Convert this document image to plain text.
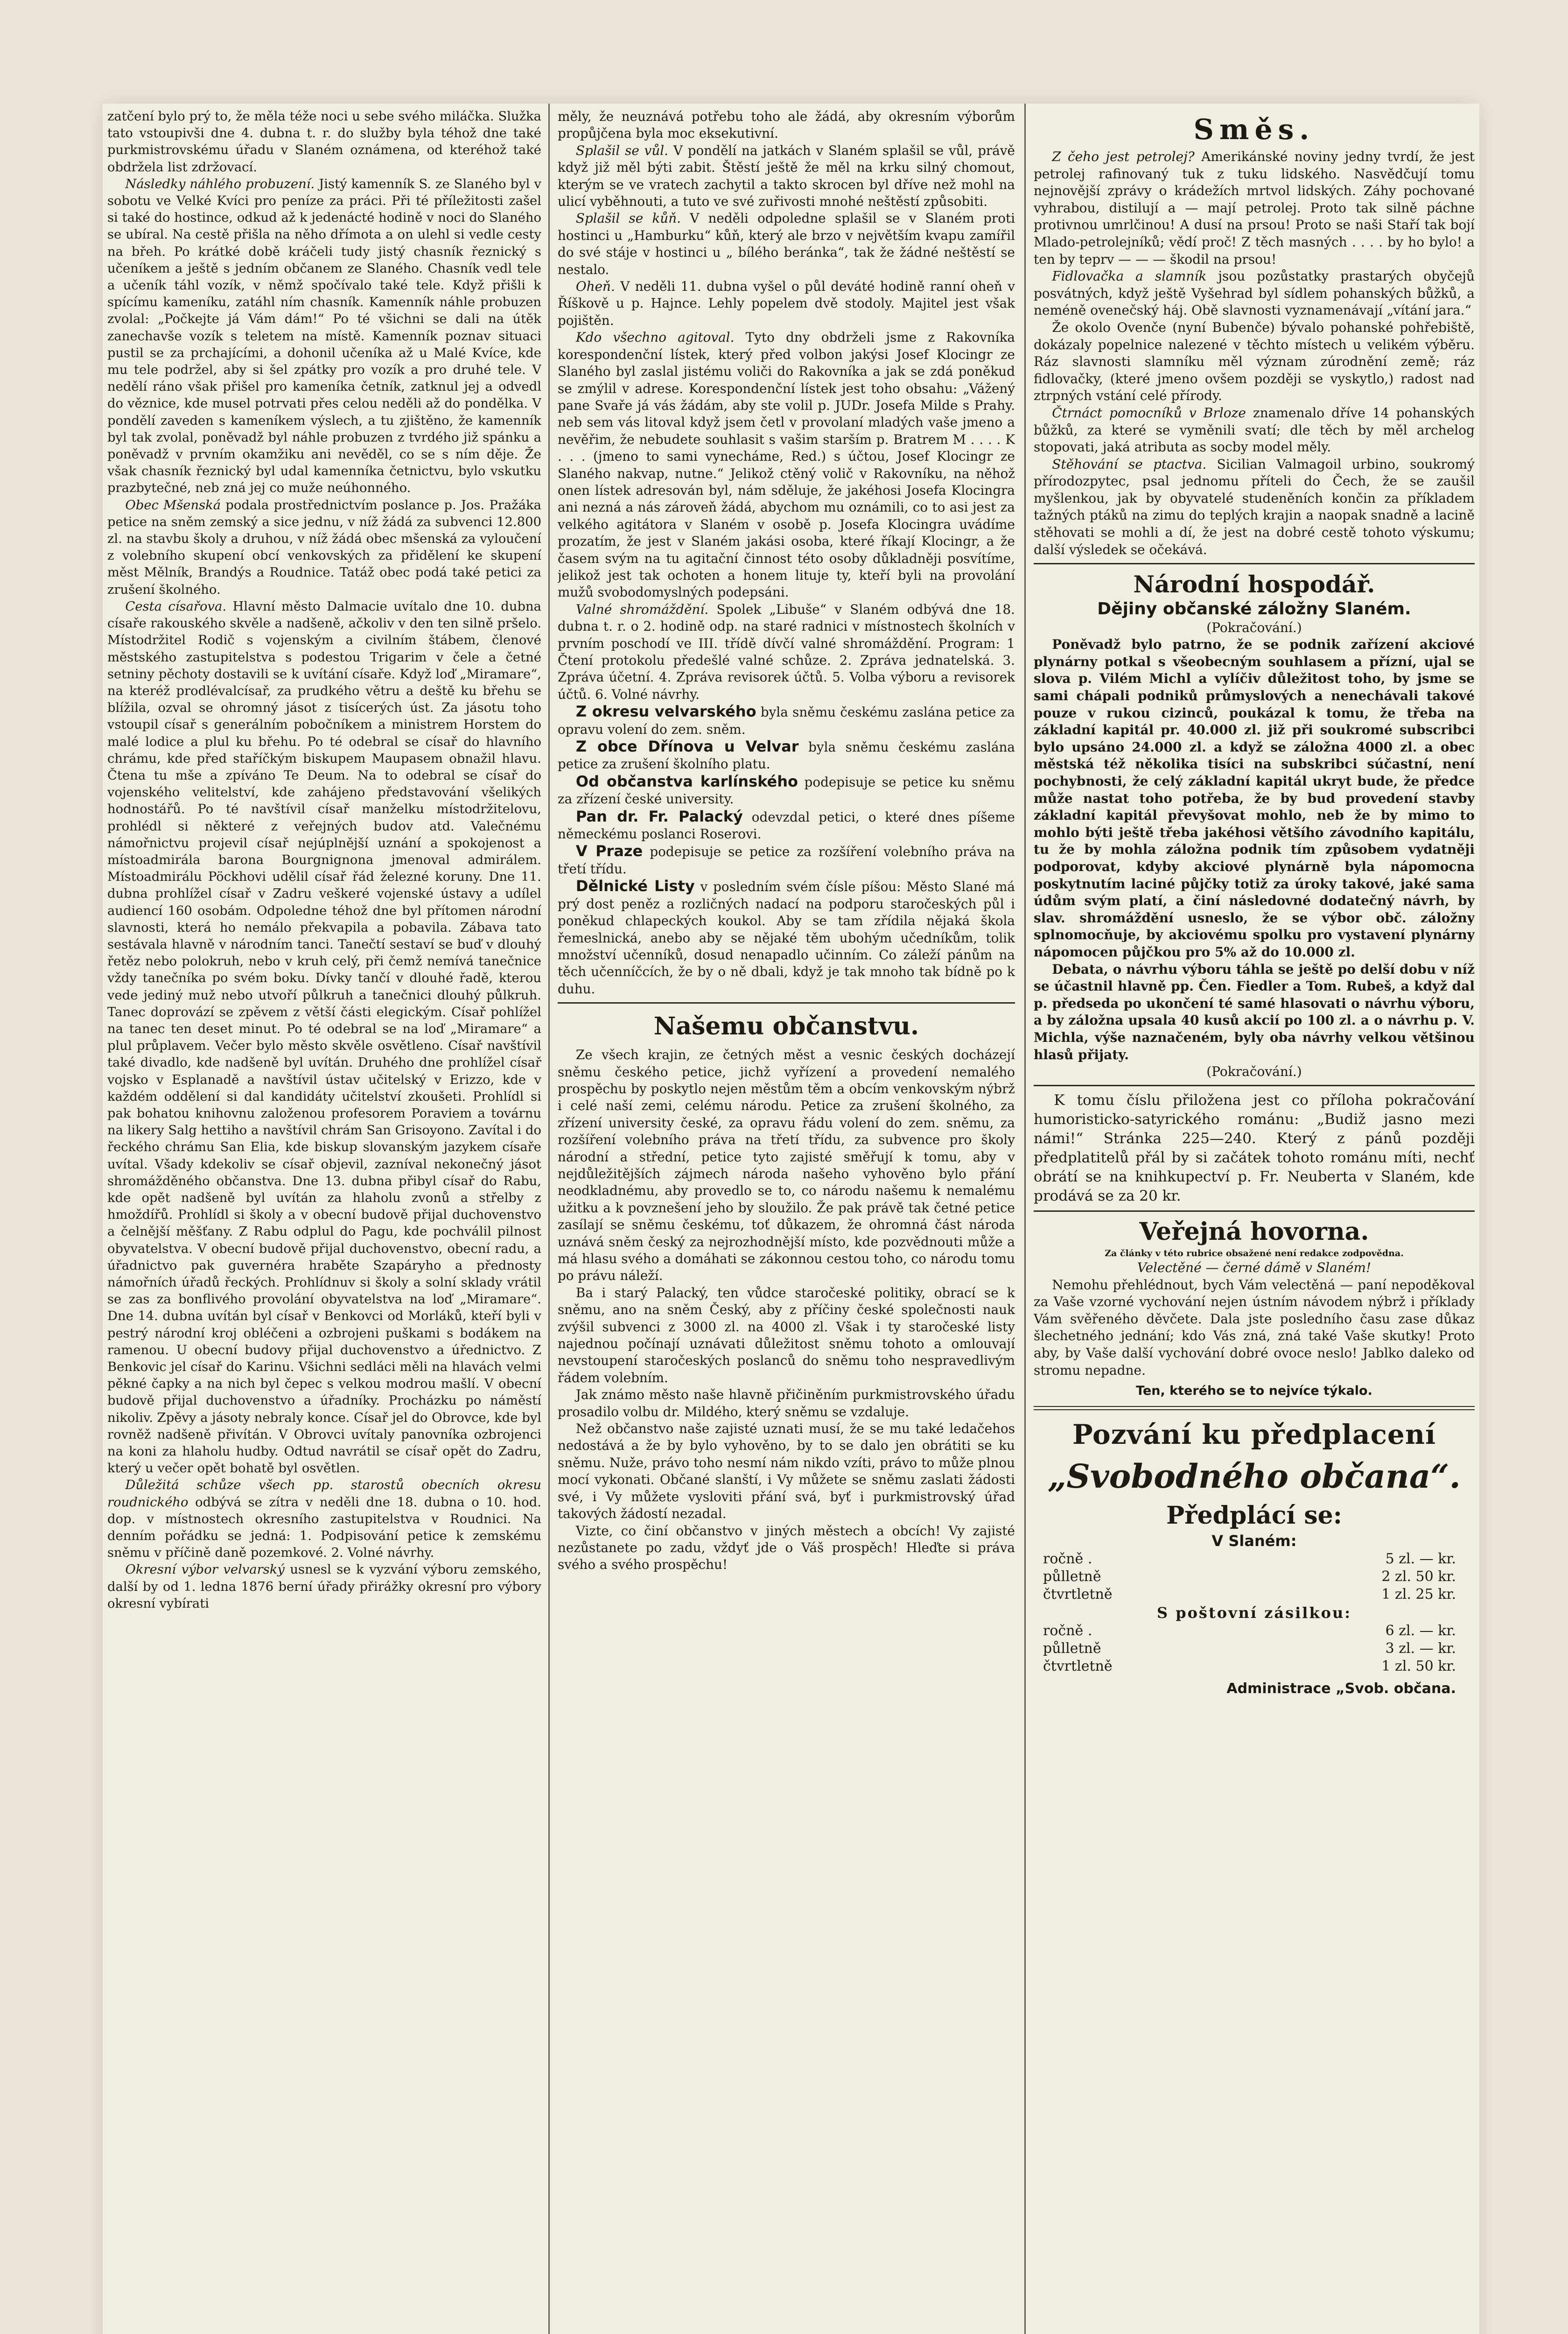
zatčení bylo prý to, že měla téže noci u sebe svého miláčka. Služka tato vstoupivši dne 4. dubna t. r. do služby byla téhož dne také purkmistrovskému úřadu v Slaném oznámena, od kteréhož také obdržela list zdržovací.

Následky náhlého probuzení. Jistý kamenník S. ze Slaného byl v sobotu ve Velké Kvíci pro peníze za práci. Při té příležitosti zašel si také do hostince, odkud až k jedenácté hodině v noci do Slaného se ubíral. Na cestě přišla na něho dřímota a on ulehl si vedle cesty na břeh. Po krátké době kráčeli tudy jistý chasník řeznický s učeníkem a ještě s jedním občanem ze Slaného. Chasník vedl tele a učeník táhl vozík, v němž spočívalo také tele. Když přišli k spícímu kameníku, zatáhl ním chasník. Kamenník náhle probuzen zvolal: „Počkejte já Vám dám!“ Po té všichni se dali na útěk zanechavše vozík s teletem na místě. Kamenník poznav situaci pustil se za prchajícími, a dohonil učeníka až u Malé Kvíce, kde mu tele podržel, aby si šel zpátky pro vozík a pro druhé tele. V nedělí ráno však přišel pro kameníka četník, zatknul jej a odvedl do věznice, kde musel potrvati přes celou neděli až do pondělka. V pondělí zaveden s kameníkem výslech, a tu zjištěno, že kamenník byl tak zvolal, poněvadž byl náhle probuzen z tvrdého již spánku a poněvadž v prvním okamžiku ani nevěděl, co se s ním děje. Že však chasník řeznický byl udal kamenníka četnictvu, bylo vskutku prazbytečné, neb zná jej co muže neúhonného.

Obec Mšenská podala prostřednictvím poslance p. Jos. Pražáka petice na sněm zemský a sice jednu, v níž žádá za subvenci 12.800 zl. na stavbu školy a druhou, v níž žádá obec mšenská za vyloučení z volebního skupení obcí venkovských za přidělení ke skupení měst Mělník, Brandýs a Roudnice. Tatáž obec podá také petici za zrušení školného.

Cesta císařova. Hlavní město Dalmacie uvítalo dne 10. dubna císaře rakouského skvěle a nadšeně, ačkoliv v den ten silně pršelo. Místodržitel Rodič s vojenským a civilním štábem, členové městského zastupitelstva s podestou Trigarim v čele a četné setniny pěchoty dostavili se k uvítání císaře. Když loď „Miramare“, na kteréž prodlévalcísař, za prudkého větru a deště ku břehu se blížila, ozval se ohromný jásot z tisícerých úst. Za jásotu toho vstoupil císař s generálním pobočníkem a ministrem Horstem do malé lodice a plul ku břehu. Po té odebral se císař do hlavního chrámu, kde před staříčkým biskupem Maupasem obnažil hlavu. Čtena tu mše a zpíváno Te Deum. Na to odebral se císař do vojenského velitelství, kde zahájeno představování všelikých hodnostářů. Po té navštívil císař manželku místodržitelovu, prohlédl si některé z veřejných budov atd. Valečnému námořnictvu projevil císař nejúplnější uznání a spokojenost a místoadmirála barona Bourgnignona jmenoval admirálem. Místoadmirálu Pöckhovi udělil císař řád železné koruny. Dne 11. dubna prohlížel císař v Zadru veškeré vojenské ústavy a udílel audiencí 160 osobám. Odpoledne téhož dne byl přítomen národní slavnosti, která ho nemálo překvapila a pobavila. Zábava tato sestávala hlavně v národním tanci. Tanečtí sestaví se buď v dlouhý řetěz nebo polokruh, nebo v kruh celý, při čemž nemívá tanečnice vždy tanečníka po svém boku. Dívky tančí v dlouhé řadě, kterou vede jediný muž nebo utvoří půlkruh a tanečnici dlouhý půlkruh. Tanec doprovází se zpěvem z větší části elegickým. Císař pohlížel na tanec ten deset minut. Po té odebral se na loď „Miramare“ a plul průplavem. Večer bylo město skvěle osvětleno. Císař navštívil také divadlo, kde nadšeně byl uvítán. Druhého dne prohlížel císař vojsko v Esplanadě a navštívil ústav učitelský v Erizzo, kde v každém oddělení si dal kandidáty učitelství zkoušeti. Prohlídl si pak bohatou knihovnu založenou profesorem Poraviem a továrnu na likery Salg hettiho a navštívil chrám San Grisoyono. Zavítal i do řeckého chrámu San Elia, kde biskup slovanským jazykem císaře uvítal. Všady kdekoliv se císař objevil, zazníval nekonečný jásot shromážděného občanstva. Dne 13. dubna přibyl císař do Rabu, kde opět nadšeně byl uvítán za hlaholu zvonů a střelby z hmoždířů. Prohlídl si školy a v obecní budově přijal duchovenstvo a čelnější měšťany. Z Rabu odplul do Pagu, kde pochválil pilnost obyvatelstva. V obecní budově přijal duchovenstvo, obecní radu, a úřadnictvo pak guvernéra hraběte Szapáryho a přednosty námořních úřadů řeckých. Prohlídnuv si školy a solní sklady vrátil se zas za bonflivého provolání obyvatelstva na loď „Miramare“. Dne 14. dubna uvítán byl císař v Benkovci od Morláků, kteří byli v pestrý národní kroj obléčeni a ozbrojeni puškami s bodákem na ramenou. U obecní budovy přijal duchovenstvo a úřednictvo. Z Benkovic jel císař do Karinu. Všichni sedláci měli na hlavách velmi pěkné čapky a na nich byl čepec s velkou modrou mašlí. V obecní budově přijal duchovenstvo a úřadníky. Procházku po náměstí nikoliv. Zpěvy a jásoty nebraly konce. Císař jel do Obrovce, kde byl rovněž nadšeně přivítán. V Obrovci uvítaly panovníka ozbrojenci na koni za hlaholu hudby. Odtud navrátil se císař opět do Zadru, který u večer opět bohatě byl osvětlen.

Důležitá schůze všech pp. starostů obecních okresu roudnického odbývá se zítra v neděli dne 18. dubna o 10. hod. dop. v místnostech okresního zastupitelstva v Roudnici. Na denním pořádku se jedná: 1. Podpisování petice k zemskému sněmu v příčině daně pozemkové. 2. Volné návrhy.

Okresní výbor velvarský usnesl se k vyzvání výboru zemského, další by od 1. ledna 1876 berní úřady přirážky okresní pro výbory okresní vybírati

měly, že neuznává potřebu toho ale žádá, aby okresním výborům propůjčena byla moc eksekutivní.

Splašil se vůl. V pondělí na jatkách v Slaném splašil se vůl, právě když již měl býti zabit. Štěstí ještě že měl na krku silný chomout, kterým se ve vratech zachytil a takto skrocen byl dříve než mohl na ulicí vyběhnouti, a tuto ve své zuřivosti mnohé neštěstí způsobiti.

Splašil se kůň. V neděli odpoledne splašil se v Slaném proti hostinci u „Hamburku“ kůň, který ale brzo v největším kvapu zamířil do své stáje v hostinci u „ bílého beránka“, tak že žádné neštěstí se nestalo.

Oheň. V neděli 11. dubna vyšel o půl deváté hodině ranní oheň v Říškově u p. Hajnce. Lehly popelem dvě stodoly. Majitel jest však pojištěn.

Kdo všechno agitoval. Tyto dny obdrželi jsme z Rakovníka korespondenční lístek, který před volbon jakýsi Josef Klocingr ze Slaného byl zaslal jistému voliči do Rakovníka a jak se zdá poněkud se zmýlil v adrese. Korespondenční lístek jest toho obsahu: „Vážený pane Svaře já vás žádám, aby ste volil p. JUDr. Josefa Milde s Prahy. neb sem vás litoval když jsem četl v provolaní mladých vaše jmeno a nevěřim, že nebudete souhlasit s vašim starším p. Bratrem M . . . . K . . . (jmeno to sami vynecháme, Red.) s účtou, Josef Klocingr ze Slaného nakvap, nutne.“ Jelikož ctěný volič v Rakovníku, na něhož onen lístek adresován byl, nám sděluje, že jakéhosi Josefa Klocingra ani nezná a nás zároveň žádá, abychom mu oznámili, co to asi jest za velkého agitátora v Slaném v osobě p. Josefa Klocingra uvádíme prozatím, že jest v Slaném jakási osoba, které říkají Klocingr, a že časem svým na tu agitační činnost této osoby důkladněji posvítíme, jelikož jest tak ochoten a honem lituje ty, kteří byli na provolání mužů svobodomyslných podepsáni.

Valné shromáždění. Spolek „Libuše“ v Slaném odbývá dne 18. dubna t. r. o 2. hodině odp. na staré radnici v místnostech školních v prvním poschodí ve III. třídě dívčí valné shromáždění. Program: 1 Čtení protokolu předešlé valné schůze. 2. Zpráva jednatelská. 3. Zpráva účetní. 4. Zpráva revisorek účtů. 5. Volba výboru a revisorek účtů. 6. Volné návrhy.

Z okresu velvarského byla sněmu českému zaslána petice za opravu volení do zem. sněm.

Z obce Dřínova u Velvar byla sněmu českému zaslána petice za zrušení školního platu.

Od občanstva karlínského podepisuje se petice ku sněmu za zřízení české university.

Pan dr. Fr. Palacký odevzdal petici, o které dnes píšeme německému poslanci Roserovi.

V Praze podepisuje se petice za rozšíření volebního práva na třetí třídu.

Dělnické Listy v posledním svém čísle píšou: Město Slané má prý dost peněz a rozličných nadací na podporu staročeských půl i poněkud chlapeckých koukol. Aby se tam zřídila nějaká škola řemeslnická, anebo aby se nějaké těm ubohým učedníkům, tolik množství učenníků, dosud nenapadlo učinním. Co záleží pánům na těch učenníčcích, že by o ně dbali, když je tak mnoho tak bídně po k duhu.

Našemu občanstvu.

Ze všech krajin, ze četných měst a vesnic českých docházejí sněmu českého petice, jichž vyřízení a provedení nemalého prospěchu by poskytlo nejen městům těm a obcím venkovským nýbrž i celé naší zemi, celému národu. Petice za zrušení školného, za zřízení university české, za opravu řádu volení do zem. sněmu, za rozšíření volebního práva na třetí třídu, za subvence pro školy národní a střední, petice tyto zajisté směřují k tomu, aby v nejdůležitějších zájmech národa našeho vyhověno bylo přání neodkladnému, aby provedlo se to, co národu našemu k nemalému užitku a k povznešení jeho by sloužilo. Že pak právě tak četné petice zasílají se sněmu českému, toť důkazem, že ohromná část národa uznává sněm český za nejrozhodnější místo, kde pozvědnouti může a má hlasu svého a domáhati se zákonnou cestou toho, co národu tomu po právu náleží.

Ba i starý Palacký, ten vůdce staročeské politiky, obrací se k sněmu, ano na sněm Český, aby z příčiny české společnosti nauk zvýšil subvenci z 3000 zl. na 4000 zl. Však i ty staročeské listy najednou počínají uznávati důležitost sněmu tohoto a omlouvají nevstoupení staročeských poslanců do sněmu toho nespravedlivým řádem volebním.

Jak známo město naše hlavně přičiněním purkmistrovského úřadu prosadilo volbu dr. Mildého, který sněmu se vzdaluje.

Než občanstvo naše zajisté uznati musí, že se mu také ledačehos nedostává a že by bylo vyhověno, by to se dalo jen obrátiti se ku sněmu. Nuže, právo toho nesmí nám nikdo vzíti, právo to může plnou mocí vykonati. Občané slanští, i Vy můžete se sněmu zaslati žádosti své, i Vy můžete vysloviti přání svá, byť i purkmistrovský úřad takových žádostí nezadal.

Vizte, co činí občanstvo v jiných městech a obcích! Vy zajisté nezůstanete po zadu, vždyť jde o Váš prospěch! Hleďte si práva svého a svého prospěchu!

Směs.

Z čeho jest petrolej? Amerikánské noviny jedny tvrdí, že jest petrolej rafinovaný tuk z tuku lidského. Nasvědčují tomu nejnovější zprávy o krádežích mrtvol lidských. Záhy pochované vyhrabou, distilují a — mají petrolej. Proto tak silně páchne protivnou umrlčinou! A dusí na prsou! Proto se naši Staří tak bojí Mlado-petrolejníků; vědí proč! Z těch masných . . . . by ho bylo! a ten by teprv — — — škodil na prsou!

Fidlovačka a slamník jsou pozůstatky prastarých obyčejů posvátných, když ještě Vyšehrad byl sídlem pohanských bůžků, a neméně ovenečský háj. Obě slavnosti vyznamenávají „vítání jara.“

Že okolo Ovenče (nyní Bubenče) bývalo pohanské pohřebiště, dokázaly popelnice nalezené v těchto místech u velikém výběru. Ráz slavnosti slamníku měl význam zúrodnění země; ráz fidlovačky, (které jmeno ovšem později se vyskytlo,) radost nad ztrpných vstání celé přírody.

Čtrnáct pomocníků v Brloze znamenalo dříve 14 pohanských bůžků, za které se vyměnili svatí; dle těch by měl archelog stopovati, jaká atributa as socby model měly.

Stěhování se ptactva. Sicilian Valmagoil urbino, soukromý přírodozpytec, psal jednomu příteli do Čech, že se zaušil myšlenkou, jak by obyvatelé studeněních končin za příkladem tažných ptáků na zimu do teplých krajin a naopak snadně a lacině stěhovati se mohli a dí, že jest na dobré cestě tohoto výskumu; další výsledek se očekává.

Národní hospodář.
Dějiny občanské záložny Slaném.

(Pokračování.)

Poněvadž bylo patrno, že se podnik zařízení akciové plynárny potkal s všeobecným souhlasem a přízní, ujal se slova p. Vilém Michl a vylíčiv důležitost toho, by jsme se sami chápali podniků průmyslových a nenechávali takové pouze v rukou cizinců, poukázal k tomu, že třeba na základní kapitál pr. 40.000 zl. již při soukromé subscribci bylo upsáno 24.000 zl. a když se záložna 4000 zl. a obec městská též několika tisíci na subskribci súčastní, není pochybnosti, že celý základní kapitál ukryt bude, že předce může nastat toho potřeba, že by bud provedení stavby základní kapitál převyšovat mohlo, neb že by mimo to mohlo býti ještě třeba jakéhosi většího závodního kapitálu, tu že by mohla záložna podnik tím způsobem vydatněji podporovat, kdyby akciové plynárně byla nápomocna poskytnutím laciné půjčky totiž za úroky takové, jaké sama údům svým platí, a činí následovné dodatečný návrh, by slav. shromáždění usneslo, že se výbor obč. záložny splnomocňuje, by akciovému spolku pro vystavení plynárny nápomocen půjčkou pro 5% až do 10.000 zl.

Debata, o návrhu výboru táhla se ještě po delší dobu v níž se účastnil hlavně pp. Čen. Fiedler a Tom. Rubeš, a když dal p. předseda po ukončení té samé hlasovati o návrhu výboru, a by záložna upsala 40 kusů akcií po 100 zl. a o návrhu p. V. Michla, výše naznačeném, byly oba návrhy velkou většinou hlasů přijaty.

(Pokračování.)

K tomu číslu přiložena jest co příloha pokračování humoristicko-satyrického románu: „Budiž jasno mezi námi!“ Stránka 225—240. Který z pánů později předplatitelů přál by si začátek tohoto románu míti, nechť obrátí se na knihkupectví p. Fr. Neuberta v Slaném, kde prodává se za 20 kr.

Veřejná hovorna.

Za články v této rubrice obsažené není redakce zodpovědna.

Velectěné — černé dámě v Slaném!

Nemohu přehlédnout, bych Vám velectěná — paní nepoděkoval za Vaše vzorné vychování nejen ústním návodem nýbrž i příklady Vám svěřeného děvčete. Dala jste posledního času zase důkaz šlechetného jednání; kdo Vás zná, zná také Vaše skutky! Proto aby, by Vaše další vychování dobré ovoce neslo! Jablko daleko od stromu nepadne.

Ten, kterého se to nejvíce týkalo.

Pozvání ku předplacení
„Svobodného občana“.
Předplácí se:

V Slaném:

ročně .	5 zl. — kr.
půlletně	2 zl. 50 kr.
čtvrtletně	1 zl. 25 kr.

S poštovní zásilkou:

ročně .	6 zl. — kr.
půlletně	3 zl. — kr.
čtvrtletně	1 zl. 50 kr.

Administrace „Svob. občana.
